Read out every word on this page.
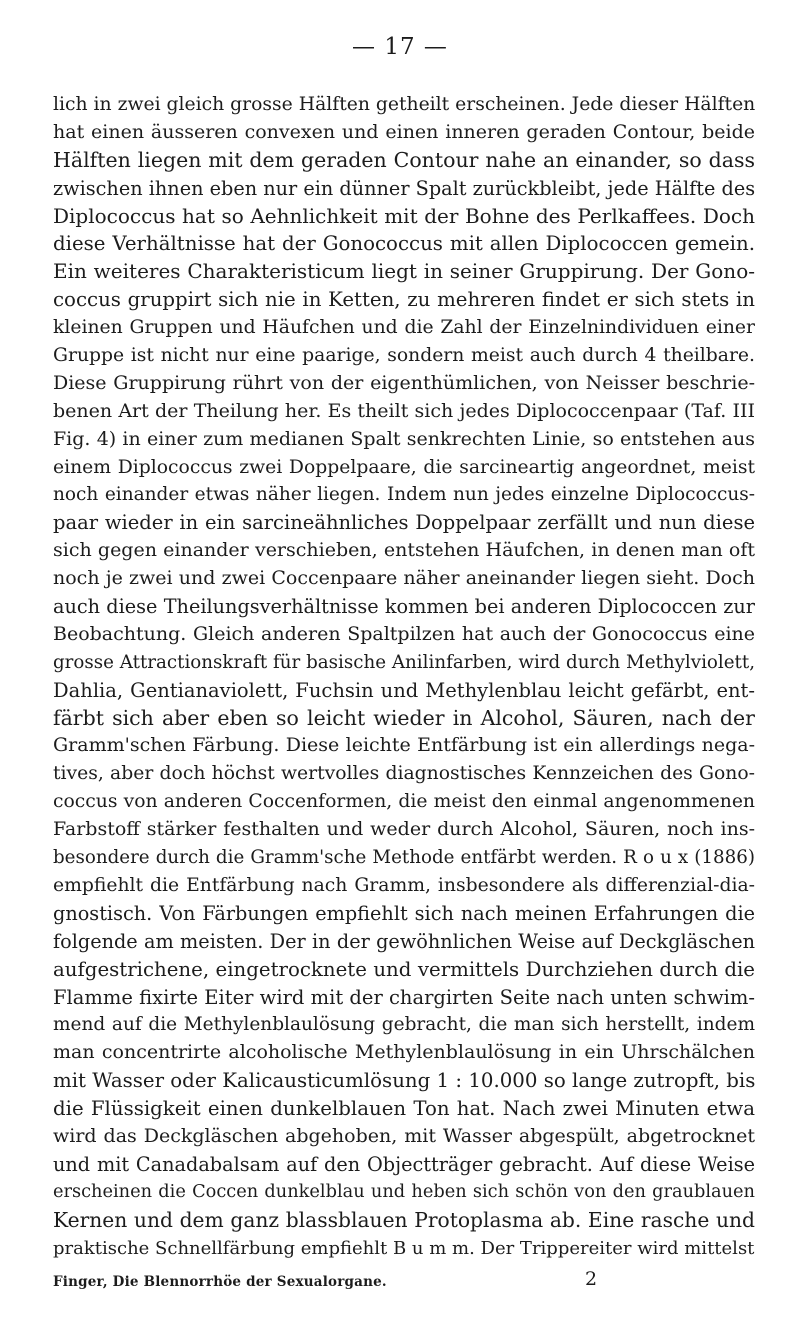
— 17 —
lich in zwei gleich grosse Hälften getheilt erscheinen. Jede dieser Hälften
hat einen äusseren convexen und einen inneren geraden Contour, beide
Hälften liegen mit dem geraden Contour nahe an einander, so dass
zwischen ihnen eben nur ein dünner Spalt zurückbleibt, jede Hälfte des
Diplococcus hat so Aehnlichkeit mit der Bohne des Perlkaffees. Doch
diese Verhältnisse hat der Gonococcus mit allen Diplococcen gemein.
Ein weiteres Charakteristicum liegt in seiner Gruppirung. Der Gono-
coccus gruppirt sich nie in Ketten, zu mehreren findet er sich stets in
kleinen Gruppen und Häufchen und die Zahl der Einzelnindividuen einer
Gruppe ist nicht nur eine paarige, sondern meist auch durch 4 theilbare.
Diese Gruppirung rührt von der eigenthümlichen, von Neisser beschrie-
benen Art der Theilung her. Es theilt sich jedes Diplococcenpaar (Taf. III
Fig. 4) in einer zum medianen Spalt senkrechten Linie, so entstehen aus
einem Diplococcus zwei Doppelpaare, die sarcineartig angeordnet, meist
noch einander etwas näher liegen. Indem nun jedes einzelne Diplococcus-
paar wieder in ein sarcineähnliches Doppelpaar zerfällt und nun diese
sich gegen einander verschieben, entstehen Häufchen, in denen man oft
noch je zwei und zwei Coccenpaare näher aneinander liegen sieht. Doch
auch diese Theilungsverhältnisse kommen bei anderen Diplococcen zur
Beobachtung. Gleich anderen Spaltpilzen hat auch der Gonococcus eine
grosse Attractionskraft für basische Anilinfarben, wird durch Methylviolett,
Dahlia, Gentianaviolett, Fuchsin und Methylenblau leicht gefärbt, ent-
färbt sich aber eben so leicht wieder in Alcohol, Säuren, nach der
Gramm'schen Färbung. Diese leichte Entfärbung ist ein allerdings nega-
tives, aber doch höchst wertvolles diagnostisches Kennzeichen des Gono-
coccus von anderen Coccenformen, die meist den einmal angenommenen
Farbstoff stärker festhalten und weder durch Alcohol, Säuren, noch ins-
besondere durch die Gramm'sche Methode entfärbt werden. R o u x (1886)
empfiehlt die Entfärbung nach Gramm, insbesondere als differenzial-dia-
gnostisch. Von Färbungen empfiehlt sich nach meinen Erfahrungen die
folgende am meisten. Der in der gewöhnlichen Weise auf Deckgläschen
aufgestrichene, eingetrocknete und vermittels Durchziehen durch die
Flamme fixirte Eiter wird mit der chargirten Seite nach unten schwim-
mend auf die Methylenblaulösung gebracht, die man sich herstellt, indem
man concentrirte alcoholische Methylenblaulösung in ein Uhrschälchen
mit Wasser oder Kalicausticumlösung 1 : 10.000 so lange zutropft, bis
die Flüssigkeit einen dunkelblauen Ton hat. Nach zwei Minuten etwa
wird das Deckgläschen abgehoben, mit Wasser abgespült, abgetrocknet
und mit Canadabalsam auf den Objectträger gebracht. Auf diese Weise
erscheinen die Coccen dunkelblau und heben sich schön von den graublauen
Kernen und dem ganz blassblauen Protoplasma ab. Eine rasche und
praktische Schnellfärbung empfiehlt B u m m. Der Trippereiter wird mittelst
Finger, Die Blennorrhöe der Sexualorgane.	2
